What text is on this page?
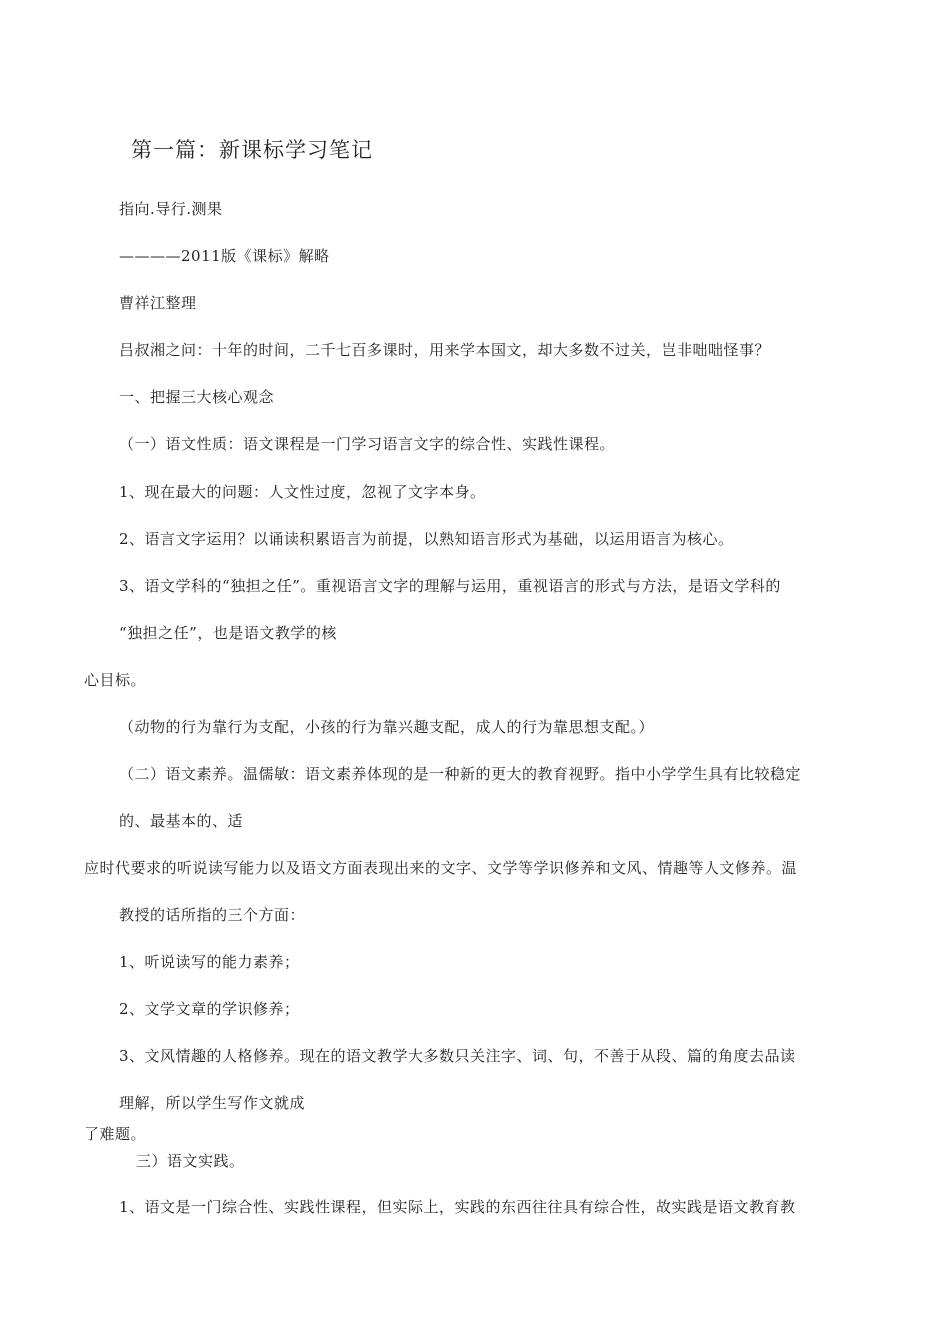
第一篇：新课标学习笔记
指向.导行.测果
————2011版《课标》解略
曹祥江整理
吕叔湘之问：十年的时间，二千七百多课时，用来学本国文，却大多数不过关，岂非咄咄怪事？
一、把握三大核心观念
（一）语文性质：语文课程是一门学习语言文字的综合性、实践性课程。
1、现在最大的问题：人文性过度，忽视了文字本身。
2、语言文字运用？以诵读积累语言为前提，以熟知语言形式为基础，以运用语言为核心。
3、语文学科的“独担之任”。重视语言文字的理解与运用，重视语言的形式与方法，是语文学科的
“独担之任”，也是语文教学的核
心目标。
（动物的行为靠行为支配，小孩的行为靠兴趣支配，成人的行为靠思想支配。）
（二）语文素养。温儒敏：语文素养体现的是一种新的更大的教育视野。指中小学学生具有比较稳定
的、最基本的、适
应时代要求的听说读写能力以及语文方面表现出来的文字、文学等学识修养和文风、情趣等人文修养。温
教授的话所指的三个方面：
1、听说读写的能力素养；
2、文学文章的学识修养；
3、文风情趣的人格修养。现在的语文教学大多数只关注字、词、句，不善于从段、篇的角度去品读
理解，所以学生写作文就成
了难题。
三）语文实践。
1、语文是一门综合性、实践性课程，但实际上，实践的东西往往具有综合性，故实践是语文教育教
